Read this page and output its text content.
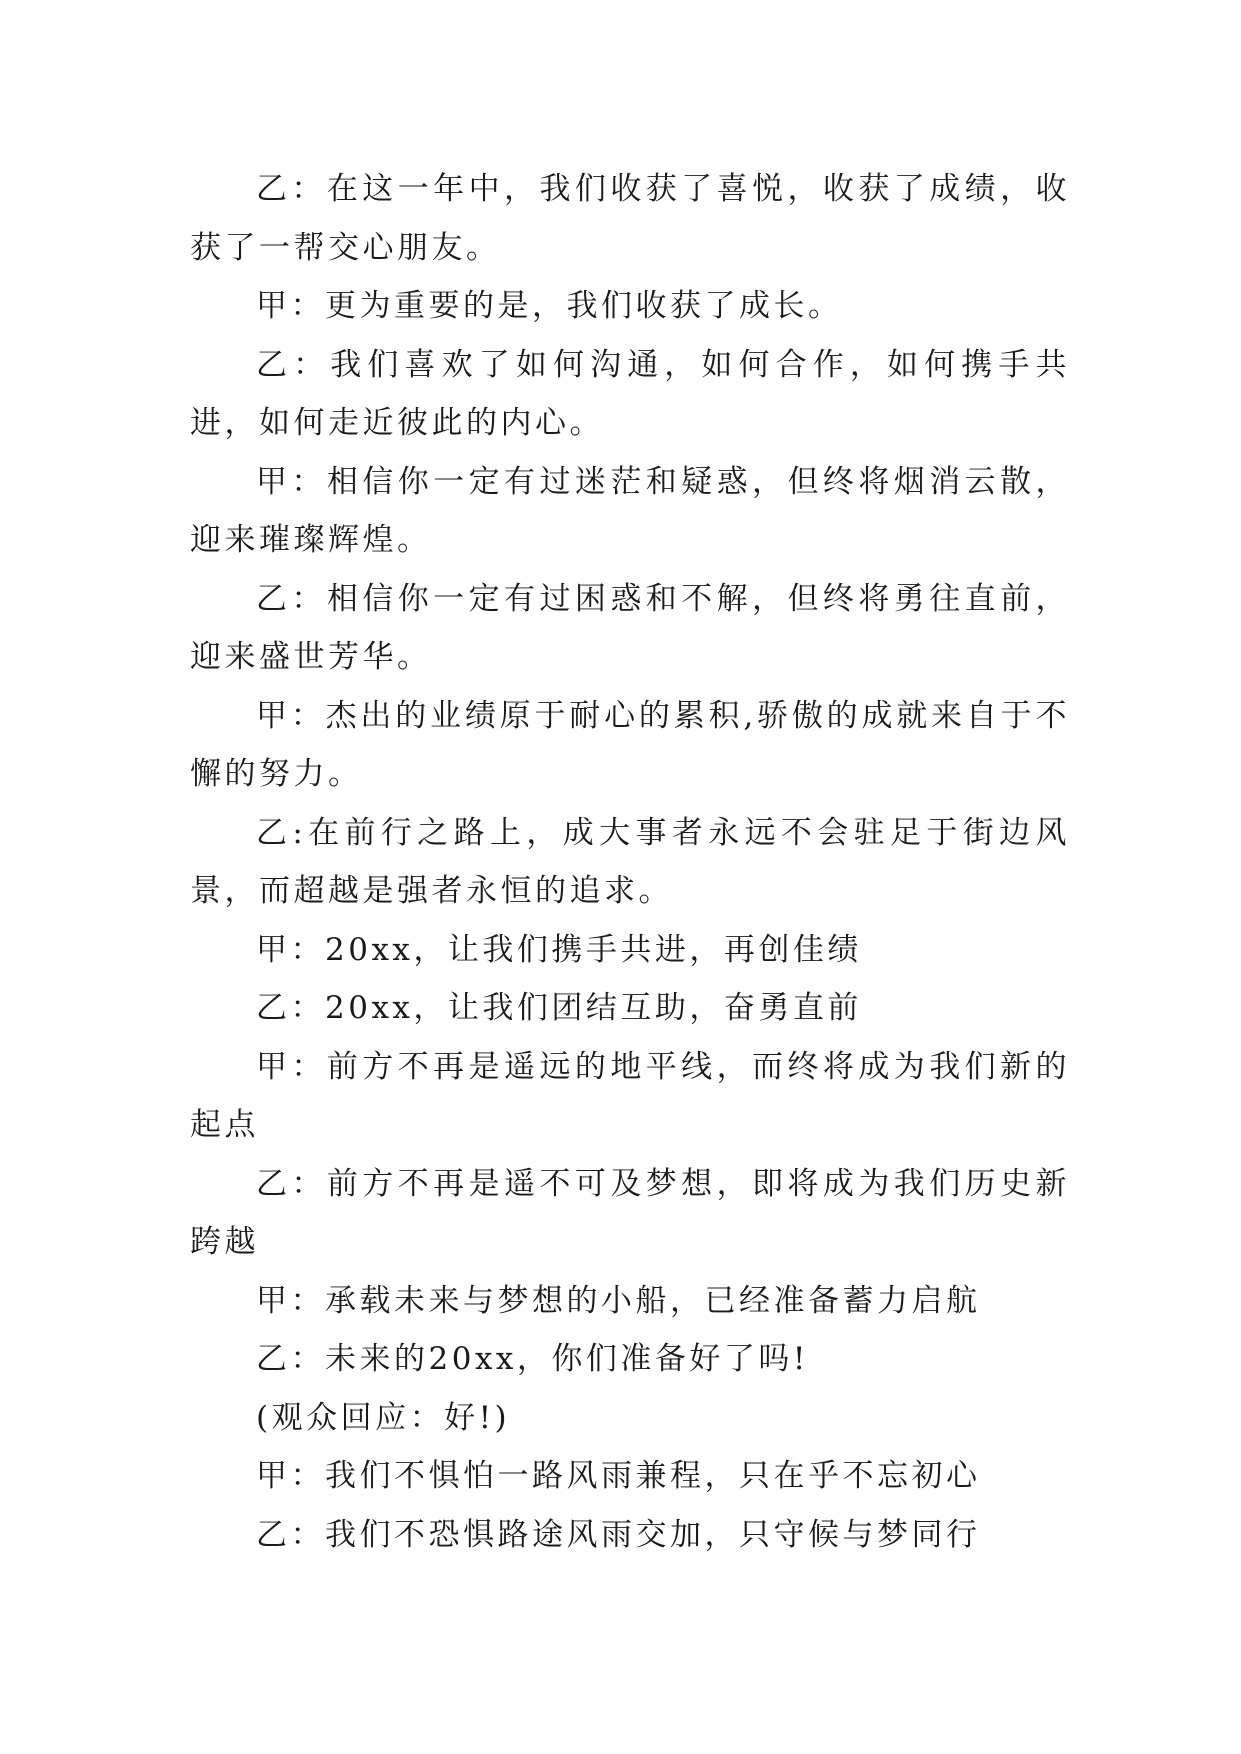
乙：在这一年中，我们收获了喜悦，收获了成绩，收获了一帮交心朋友。

甲：更为重要的是，我们收获了成长。

乙：我们喜欢了如何沟通，如何合作，如何携手共进，如何走近彼此的内心。

甲：相信你一定有过迷茫和疑惑，但终将烟消云散，迎来璀璨辉煌。

乙：相信你一定有过困惑和不解，但终将勇往直前，迎来盛世芳华。

甲：杰出的业绩原于耐心的累积,骄傲的成就来自于不懈的努力。

乙:在前行之路上，成大事者永远不会驻足于街边风景，而超越是强者永恒的追求。

甲：20xx，让我们携手共进，再创佳绩

乙：20xx，让我们团结互助，奋勇直前

甲：前方不再是遥远的地平线，而终将成为我们新的起点

乙：前方不再是遥不可及梦想，即将成为我们历史新跨越

甲：承载未来与梦想的小船，已经准备蓄力启航

乙：未来的20xx，你们准备好了吗!

(观众回应：好!)

甲：我们不惧怕一路风雨兼程，只在乎不忘初心

乙：我们不恐惧路途风雨交加，只守候与梦同行
